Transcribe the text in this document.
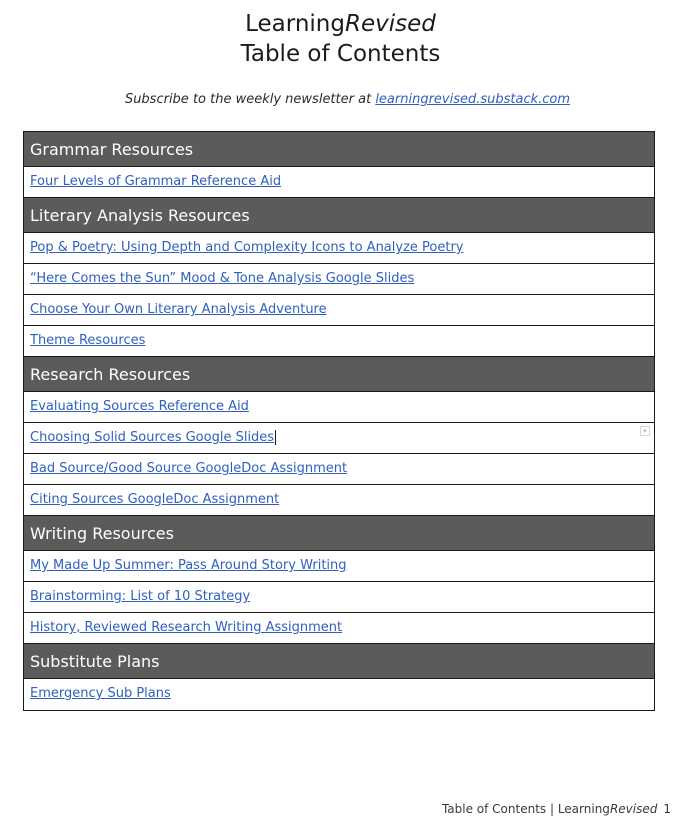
LearningRevised
Table of Contents
Subscribe to the weekly newsletter at learningrevised.substack.com
Grammar Resources
Four Levels of Grammar Reference Aid
Literary Analysis Resources
Pop & Poetry: Using Depth and Complexity Icons to Analyze Poetry
“Here Comes the Sun” Mood & Tone Analysis Google Slides
Choose Your Own Literary Analysis Adventure
Theme Resources
Research Resources
Evaluating Sources Reference Aid
Choosing Solid Sources Google Slides	▾
Bad Source/Good Source GoogleDoc Assignment
Citing Sources GoogleDoc Assignment
Writing Resources
My Made Up Summer: Pass Around Story Writing
Brainstorming: List of 10 Strategy
History, Reviewed Research Writing Assignment
Substitute Plans
Emergency Sub Plans
Table of Contents | LearningRevised 1
